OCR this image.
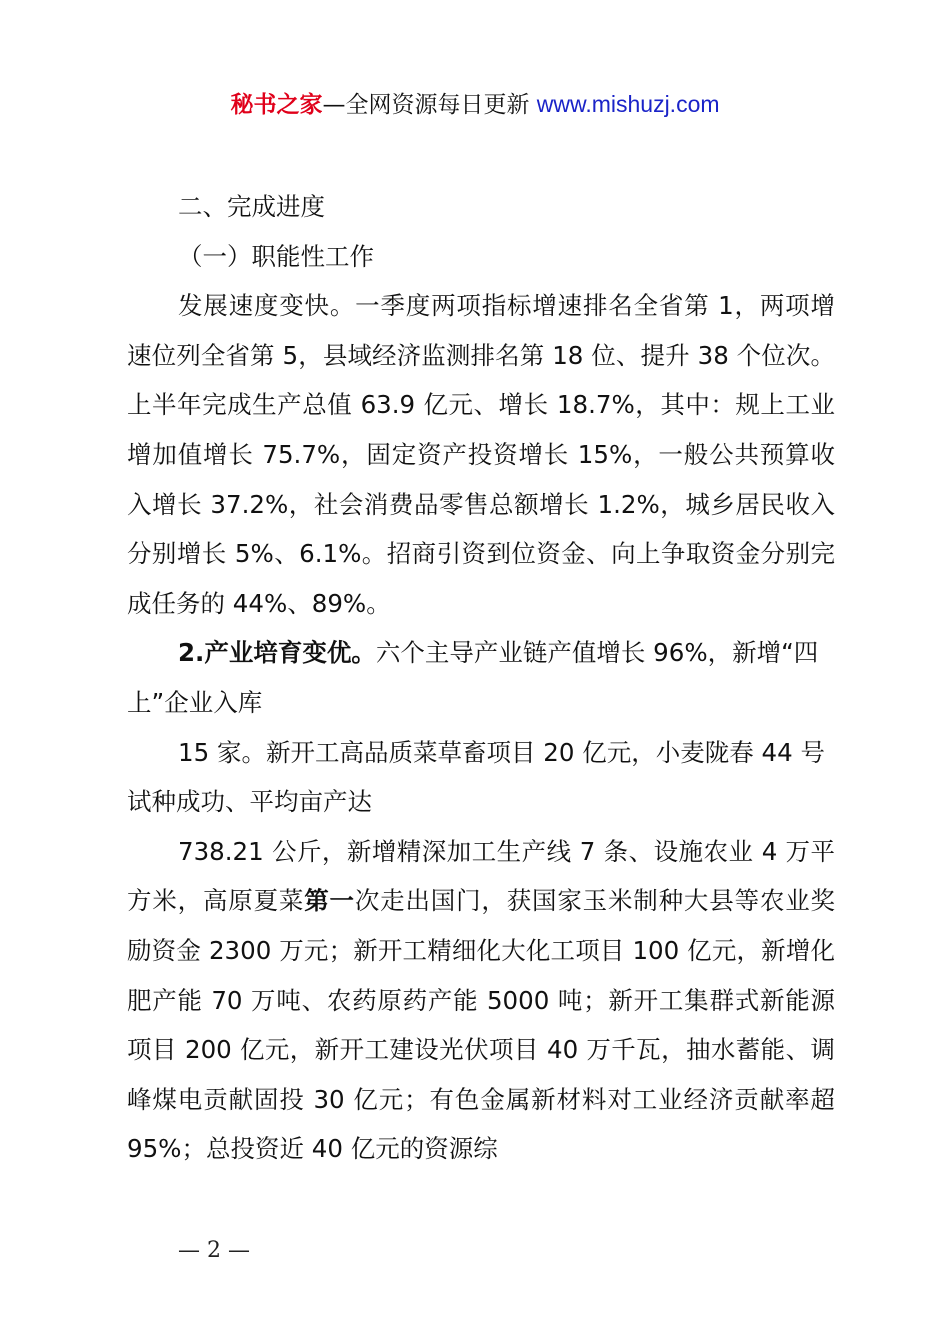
秘书之家—全网资源每日更新 www.mishuzj.com

二、完成进度

（一）职能性工作

发展速度变快。一季度两项指标增速排名全省第 1，两项增速位列全省第 5，县域经济监测排名第 18 位、提升 38 个位次。上半年完成生产总值 63.9 亿元、增长 18.7%，其中：规上工业增加值增长 75.7%，固定资产投资增长 15%，一般公共预算收入增长 37.2%，社会消费品零售总额增长 1.2%，城乡居民收入分别增长 5%、6.1%。招商引资到位资金、向上争取资金分别完成任务的 44%、89%。

2.产业培育变优。六个主导产业链产值增长 96%，新增“四上”企业入库

15 家。新开工高品质菜草畜项目 20 亿元，小麦陇春 44 号试种成功、平均亩产达

738.21 公斤，新增精深加工生产线 7 条、设施农业 4 万平方米，高原夏菜第一次走出国门，获国家玉米制种大县等农业奖励资金 2300 万元；新开工精细化大化工项目 100 亿元，新增化肥产能 70 万吨、农药原药产能 5000 吨；新开工集群式新能源项目 200 亿元，新开工建设光伏项目 40 万千瓦，抽水蓄能、调峰煤电贡献固投 30 亿元；有色金属新材料对工业经济贡献率超 95%；总投资近 40 亿元的资源综

— 2 —
